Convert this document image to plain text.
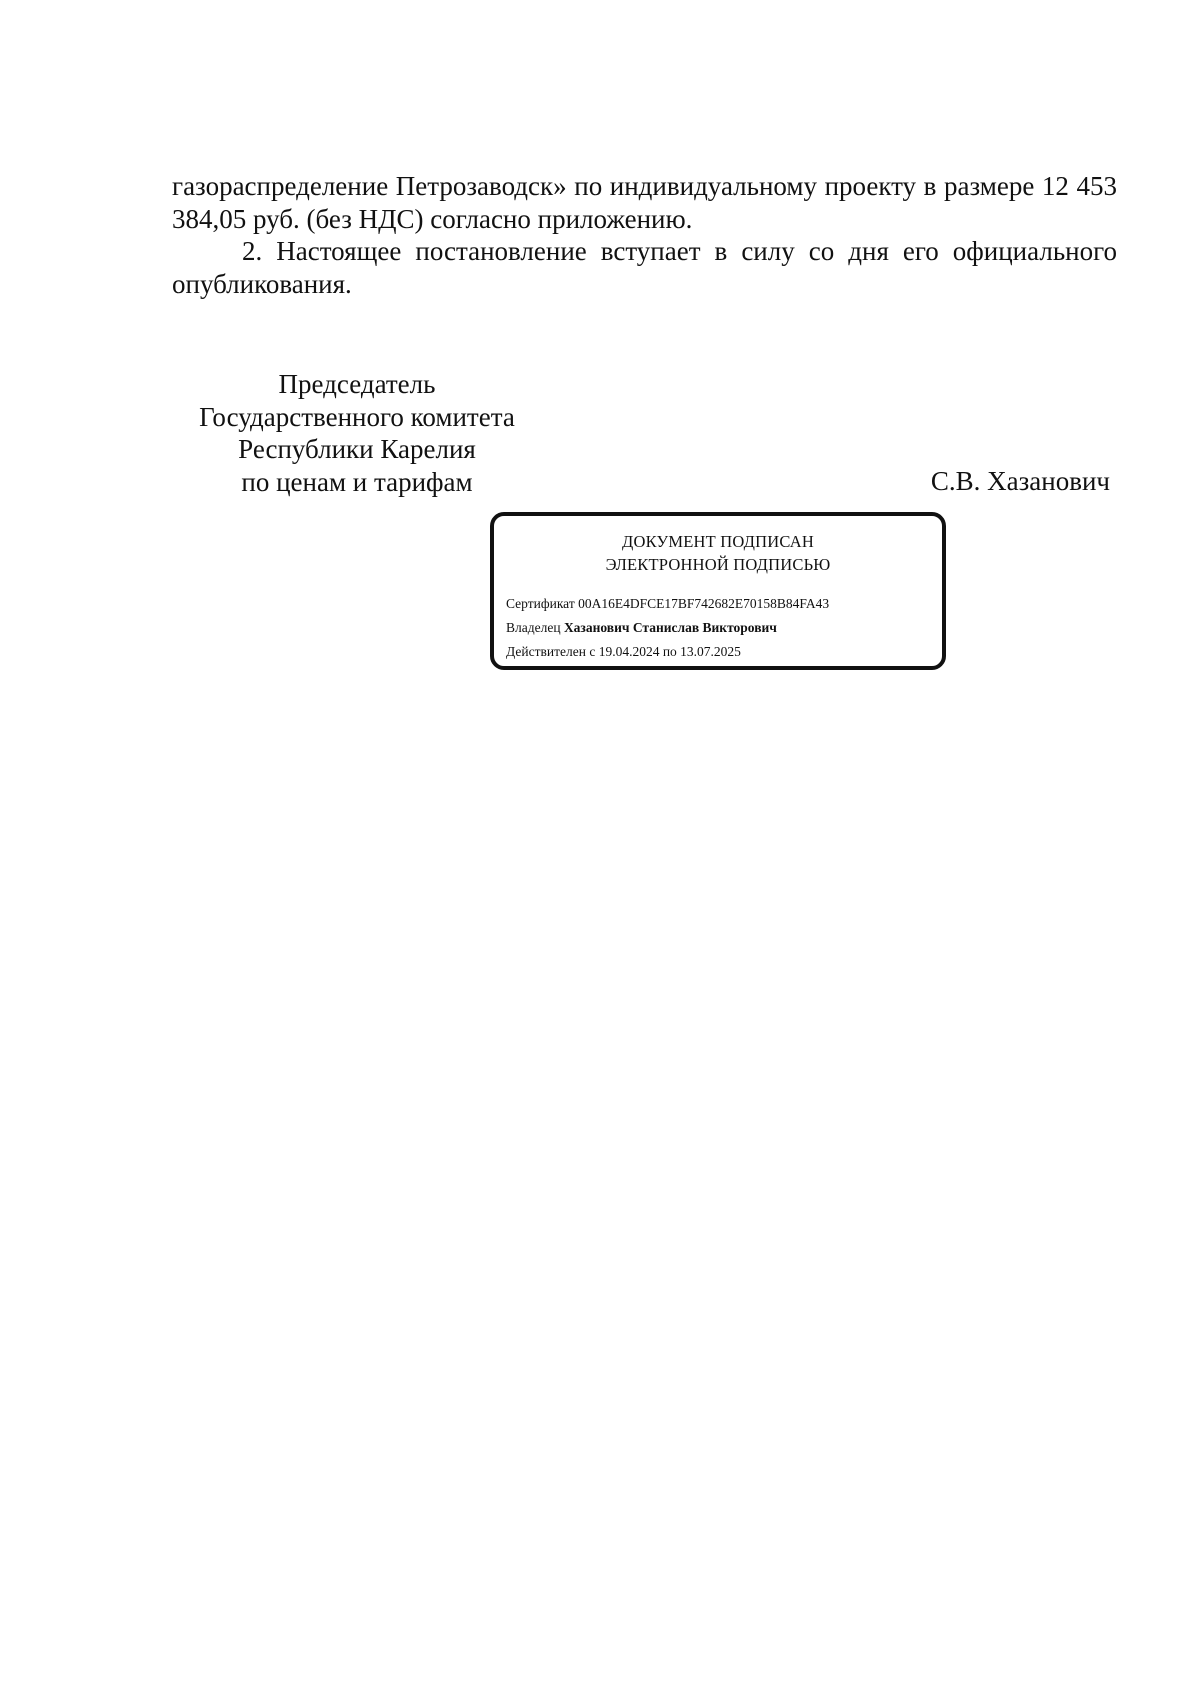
газораспределение Петрозаводск» по индивидуальному проекту в размере 12 453 384,05 руб. (без НДС) согласно приложению.

2. Настоящее постановление вступает в силу со дня его официального опубликования.

Председатель
Государственного комитета
Республики Карелия
по ценам и тарифам	С.В. Хазанович
ДОКУМЕНТ ПОДПИСАН
ЭЛЕКТРОННОЙ ПОДПИСЬЮ
Сертификат 00A16E4DFCE17BF742682E70158B84FA43
Владелец Хазанович Станислав Викторович
Действителен с 19.04.2024 по 13.07.2025
